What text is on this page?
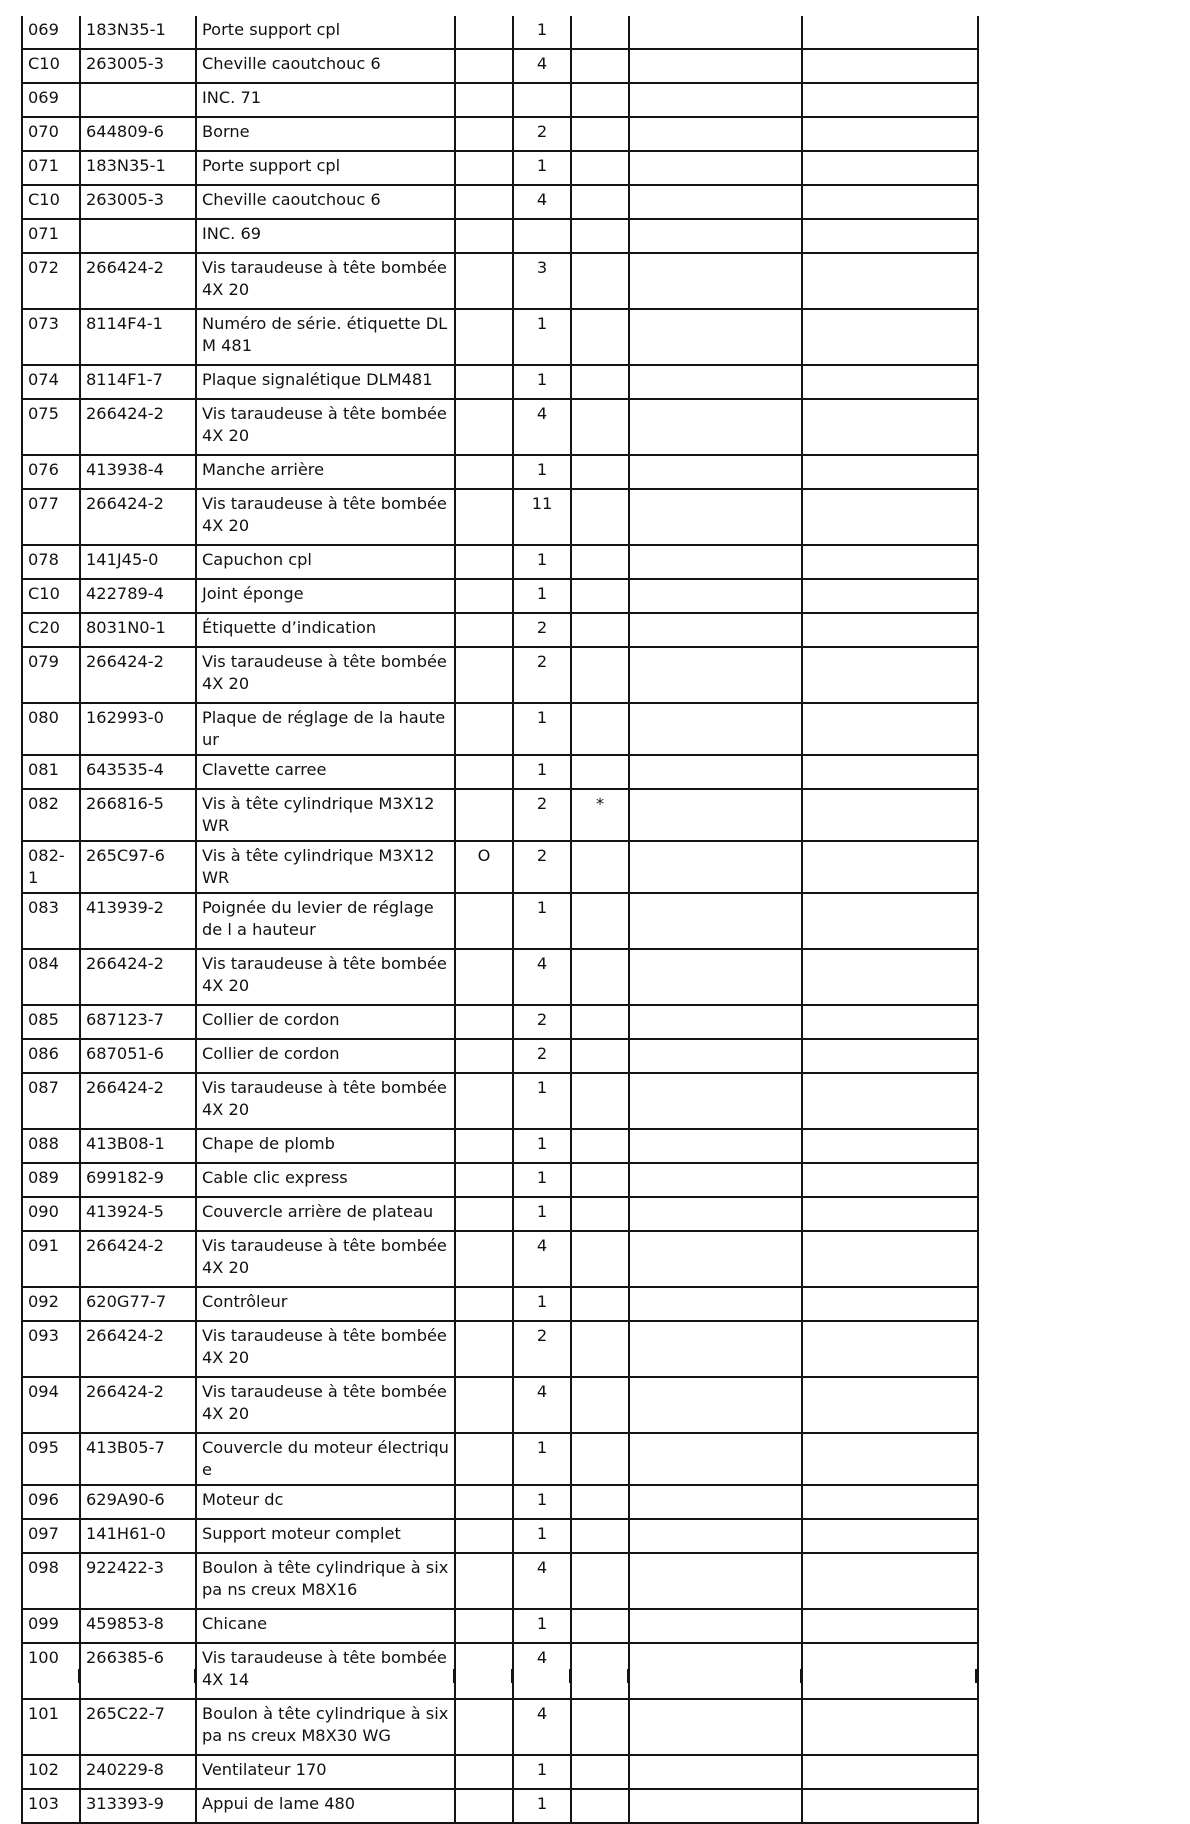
069	183N35-1	Porte support cpl		1			
C10	263005-3	Cheville caoutchouc 6		4			
069		INC. 71					
070	644809-6	Borne		2			
071	183N35-1	Porte support cpl		1			
C10	263005-3	Cheville caoutchouc 6		4			
071		INC. 69					
072	266424-2	Vis taraudeuse à tête bombée 4X 20		3			
073	8114F4-1	Numéro de série. étiquette DLM 481		1			
074	8114F1-7	Plaque signalétique DLM481		1			
075	266424-2	Vis taraudeuse à tête bombée 4X 20		4			
076	413938-4	Manche arrière		1			
077	266424-2	Vis taraudeuse à tête bombée 4X 20		11			
078	141J45-0	Capuchon cpl		1			
C10	422789-4	Joint éponge		1			
C20	8031N0-1	Étiquette d’indication		2			
079	266424-2	Vis taraudeuse à tête bombée 4X 20		2			
080	162993-0	Plaque de réglage de la hauteur		1			
081	643535-4	Clavette carree		1			
082	266816-5	Vis à tête cylindrique M3X12 WR		2	*		
082-1	265C97-6	Vis à tête cylindrique M3X12 WR	O	2			
083	413939-2	Poignée du levier de réglage de l a hauteur		1			
084	266424-2	Vis taraudeuse à tête bombée 4X 20		4			
085	687123-7	Collier de cordon		2			
086	687051-6	Collier de cordon		2			
087	266424-2	Vis taraudeuse à tête bombée 4X 20		1			
088	413B08-1	Chape de plomb		1			
089	699182-9	Cable clic express		1			
090	413924-5	Couvercle arrière de plateau		1			
091	266424-2	Vis taraudeuse à tête bombée 4X 20		4			
092	620G77-7	Contrôleur		1			
093	266424-2	Vis taraudeuse à tête bombée 4X 20		2			
094	266424-2	Vis taraudeuse à tête bombée 4X 20		4			
095	413B05-7	Couvercle du moteur électrique		1			
096	629A90-6	Moteur dc		1			
097	141H61-0	Support moteur complet		1			
098	922422-3	Boulon à tête cylindrique à six pa ns creux M8X16		4			
099	459853-8	Chicane		1			
100	266385-6	Vis taraudeuse à tête bombée 4X 14		4			
101	265C22-7	Boulon à tête cylindrique à six pa ns creux M8X30 WG		4			
102	240229-8	Ventilateur 170		1			
103	313393-9	Appui de lame 480		1			
